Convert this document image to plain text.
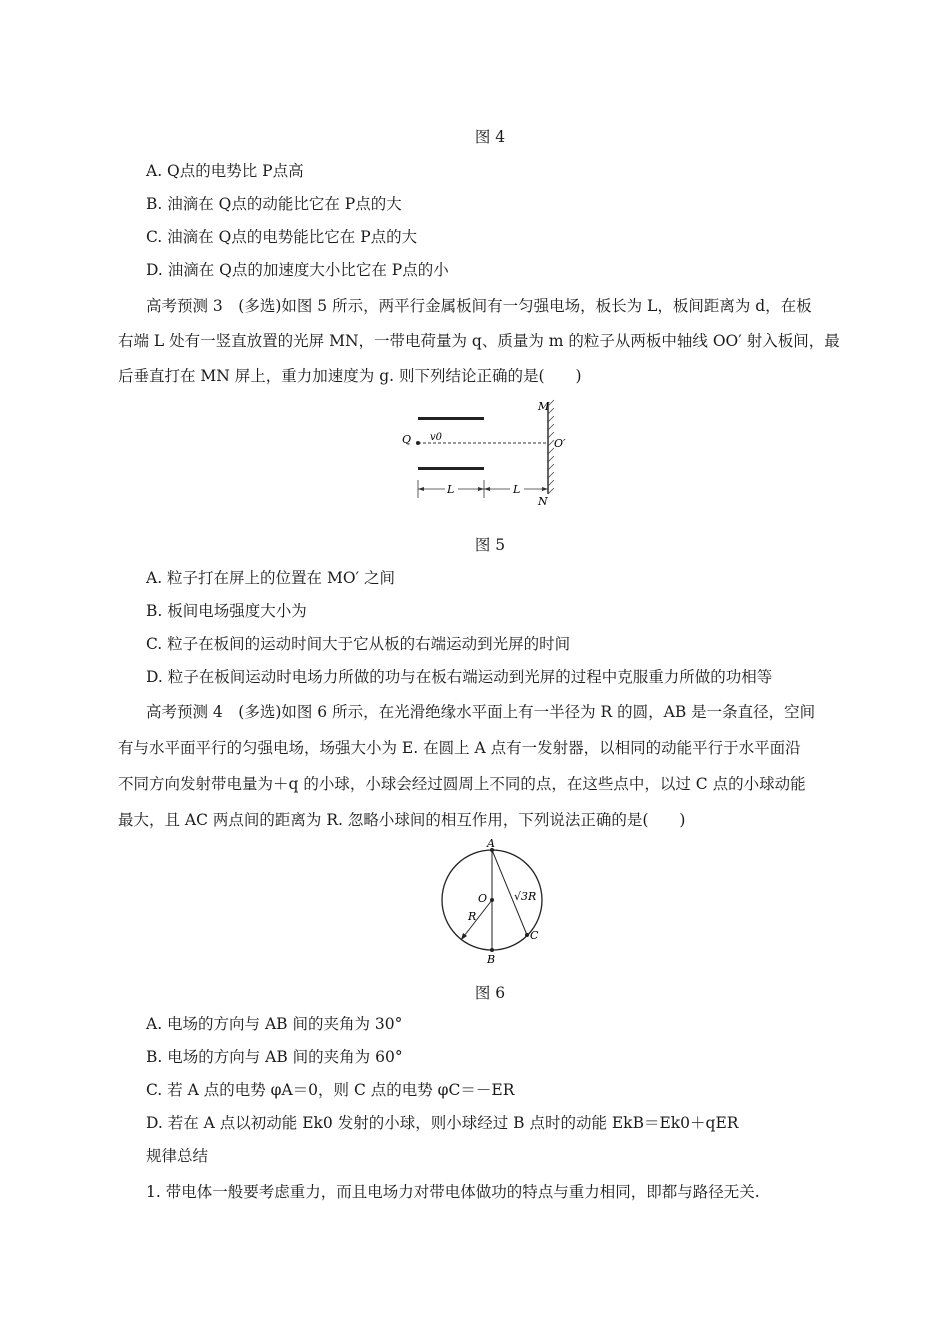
图 4
A. Q点的电势比 P点高
B. 油滴在 Q点的动能比它在 P点的大
C. 油滴在 Q点的电势能比它在 P点的大
D. 油滴在 Q点的加速度大小比它在 P点的小
高考预测 3　(多选)如图 5 所示，两平行金属板间有一匀强电场，板长为 L，板间距离为 d，在板
右端 L 处有一竖直放置的光屏 MN，一带电荷量为 q、质量为 m 的粒子从两板中轴线 OO′ 射入板间，最
后垂直打在 MN 屏上，重力加速度为 g. 则下列结论正确的是(　　)
M
N
Q v0	O′
L	L
图 5
A. 粒子打在屏上的位置在 MO′ 之间
B. 板间电场强度大小为
C. 粒子在板间的运动时间大于它从板的右端运动到光屏的时间
D. 粒子在板间运动时电场力所做的功与在板右端运动到光屏的过程中克服重力所做的功相等
高考预测 4　(多选)如图 6 所示，在光滑绝缘水平面上有一半径为 R 的圆，AB 是一条直径，空间
有与水平面平行的匀强电场，场强大小为 E. 在圆上 A 点有一发射器，以相同的动能平行于水平面沿
不同方向发射带电量为＋q 的小球，小球会经过圆周上不同的点，在这些点中，以过 C 点的小球动能
最大，且 AC 两点间的距离为 R. 忽略小球间的相互作用，下列说法正确的是(　　)
A
B
C
O
R
√3R
图 6
A. 电场的方向与 AB 间的夹角为 30°
B. 电场的方向与 AB 间的夹角为 60°
C. 若 A 点的电势 φA＝0，则 C 点的电势 φC＝－ER
D. 若在 A 点以初动能 Ek0 发射的小球，则小球经过 B 点时的动能 EkB＝Ek0＋qER
规律总结
1. 带电体一般要考虑重力，而且电场力对带电体做功的特点与重力相同，即都与路径无关.
